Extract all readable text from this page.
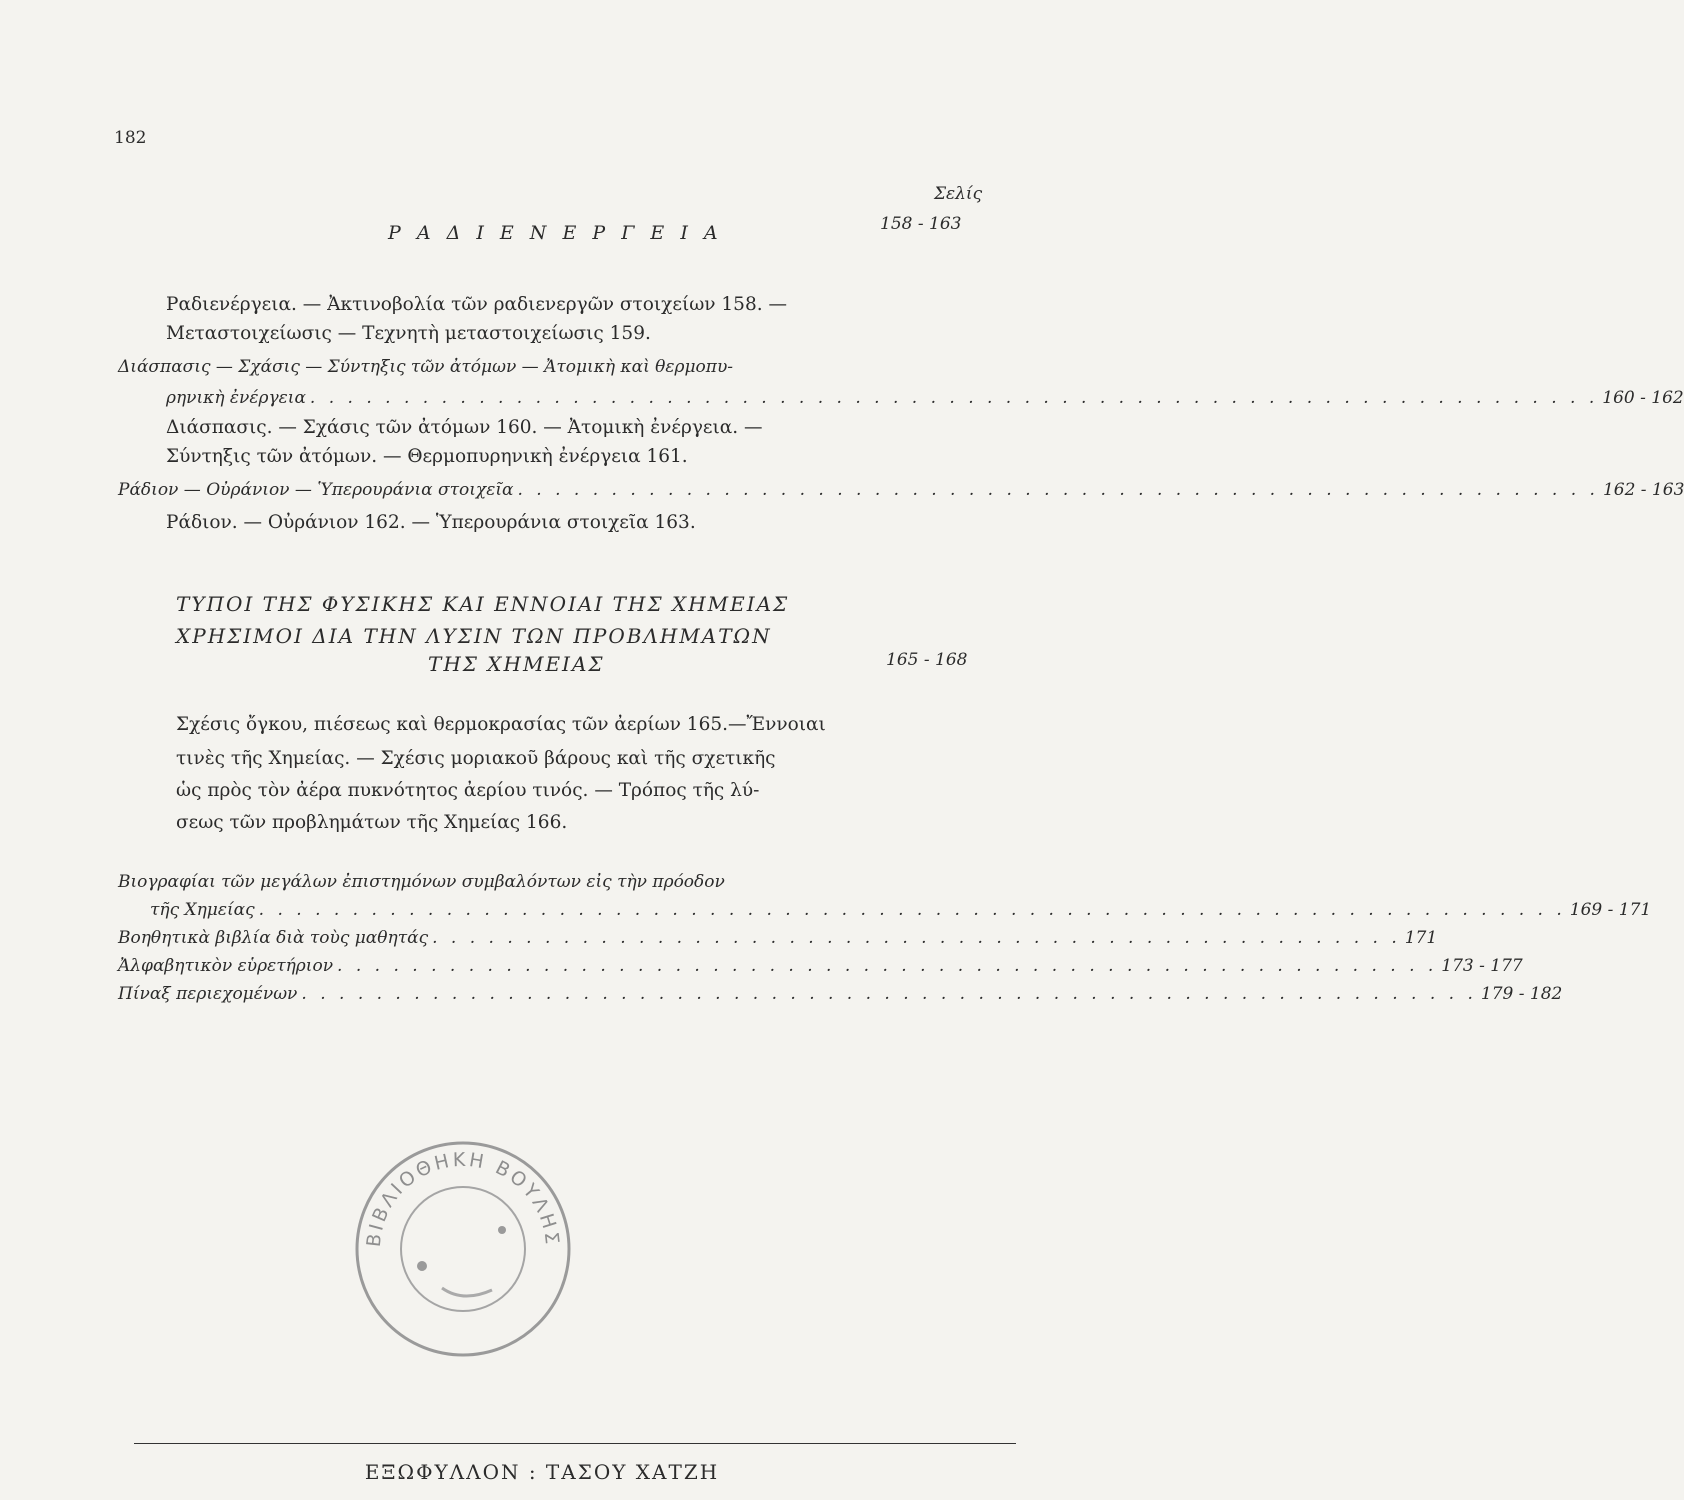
182
Σελίς
Ρ Α Δ Ι Ε Ν Ε Ρ Γ Ε Ι Α	158 - 163
Ραδιενέργεια. — Ἀκτινοβολία τῶν ραδιενεργῶν στοιχείων 158. —
Μεταστοιχείωσις — Τεχνητὴ μεταστοιχείωσις 159.
Διάσπασις — Σχάσις — Σύντηξις τῶν ἀτόμων — Ἀτομικὴ καὶ θερμοπυ-
ρηνικὴ ἐνέργεια . . . . . . . . . . . . . . . . . . . . . . . . . . . . . . . . . . . . . . . . . . . . . . . . . . . . . . . . . . . . . . . . . . . . . 160 - 162
Διάσπασις. — Σχάσις τῶν ἀτόμων 160. — Ἀτομικὴ ἐνέργεια. —
Σύντηξις τῶν ἀτόμων. — Θερμοπυρηνικὴ ἐνέργεια 161.
Ράδιον — Οὐράνιον — Ὑπερουράνια στοιχεῖα . . . . . . . . . . . . . . . . . . . . . . . . . . . . . . . . . . . . . . . . . . . . . . . . . . . . . . . . . . 162 - 163
Ράδιον. — Οὐράνιον 162. — Ὑπερουράνια στοιχεῖα 163.
ΤΥΠΟΙ ΤΗΣ ΦΥΣΙΚΗΣ ΚΑΙ ΕΝΝΟΙΑΙ ΤΗΣ ΧΗΜΕΙΑΣ
ΧΡΗΣΙΜΟΙ ΔΙΑ ΤΗΝ ΛΥΣΙΝ ΤΩΝ ΠΡΟΒΛΗΜΑΤΩΝ
ΤΗΣ ΧΗΜΕΙΑΣ	165 - 168
Σχέσις ὄγκου, πιέσεως καὶ θερμοκρασίας τῶν ἀερίων 165.—Ἔννοιαι
τινὲς τῆς Χημείας. — Σχέσις μοριακοῦ βάρους καὶ τῆς σχετικῆς
ὡς πρὸς τὸν ἀέρα πυκνότητος ἀερίου τινός. — Τρόπος τῆς λύ-
σεως τῶν προβλημάτων τῆς Χημείας 166.
Βιογραφίαι τῶν μεγάλων ἐπιστημόνων συμβαλόντων εἰς τὴν πρόοδον
τῆς Χημείας . . . . . . . . . . . . . . . . . . . . . . . . . . . . . . . . . . . . . . . . . . . . . . . . . . . . . . . . . . . . . . . . . . . . . . 169 - 171
Βοηθητικὰ βιβλία διὰ τοὺς μαθητάς . . . . . . . . . . . . . . . . . . . . . . . . . . . . . . . . . . . . . . . . . . . . . . . . . . . . 171
Ἀλφαβητικὸν εὑρετήριον . . . . . . . . . . . . . . . . . . . . . . . . . . . . . . . . . . . . . . . . . . . . . . . . . . . . . . . . . . . 173 - 177
Πίναξ περιεχομένων . . . . . . . . . . . . . . . . . . . . . . . . . . . . . . . . . . . . . . . . . . . . . . . . . . . . . . . . . . . . . . . 179 - 182
ΒΙΒΛΙΟΘΗΚΗ ΒΟΥΛΗΣ
ΕΞΩΦΥΛΛΟΝ : ΤΑΣΟΥ ΧΑΤΖΗ
